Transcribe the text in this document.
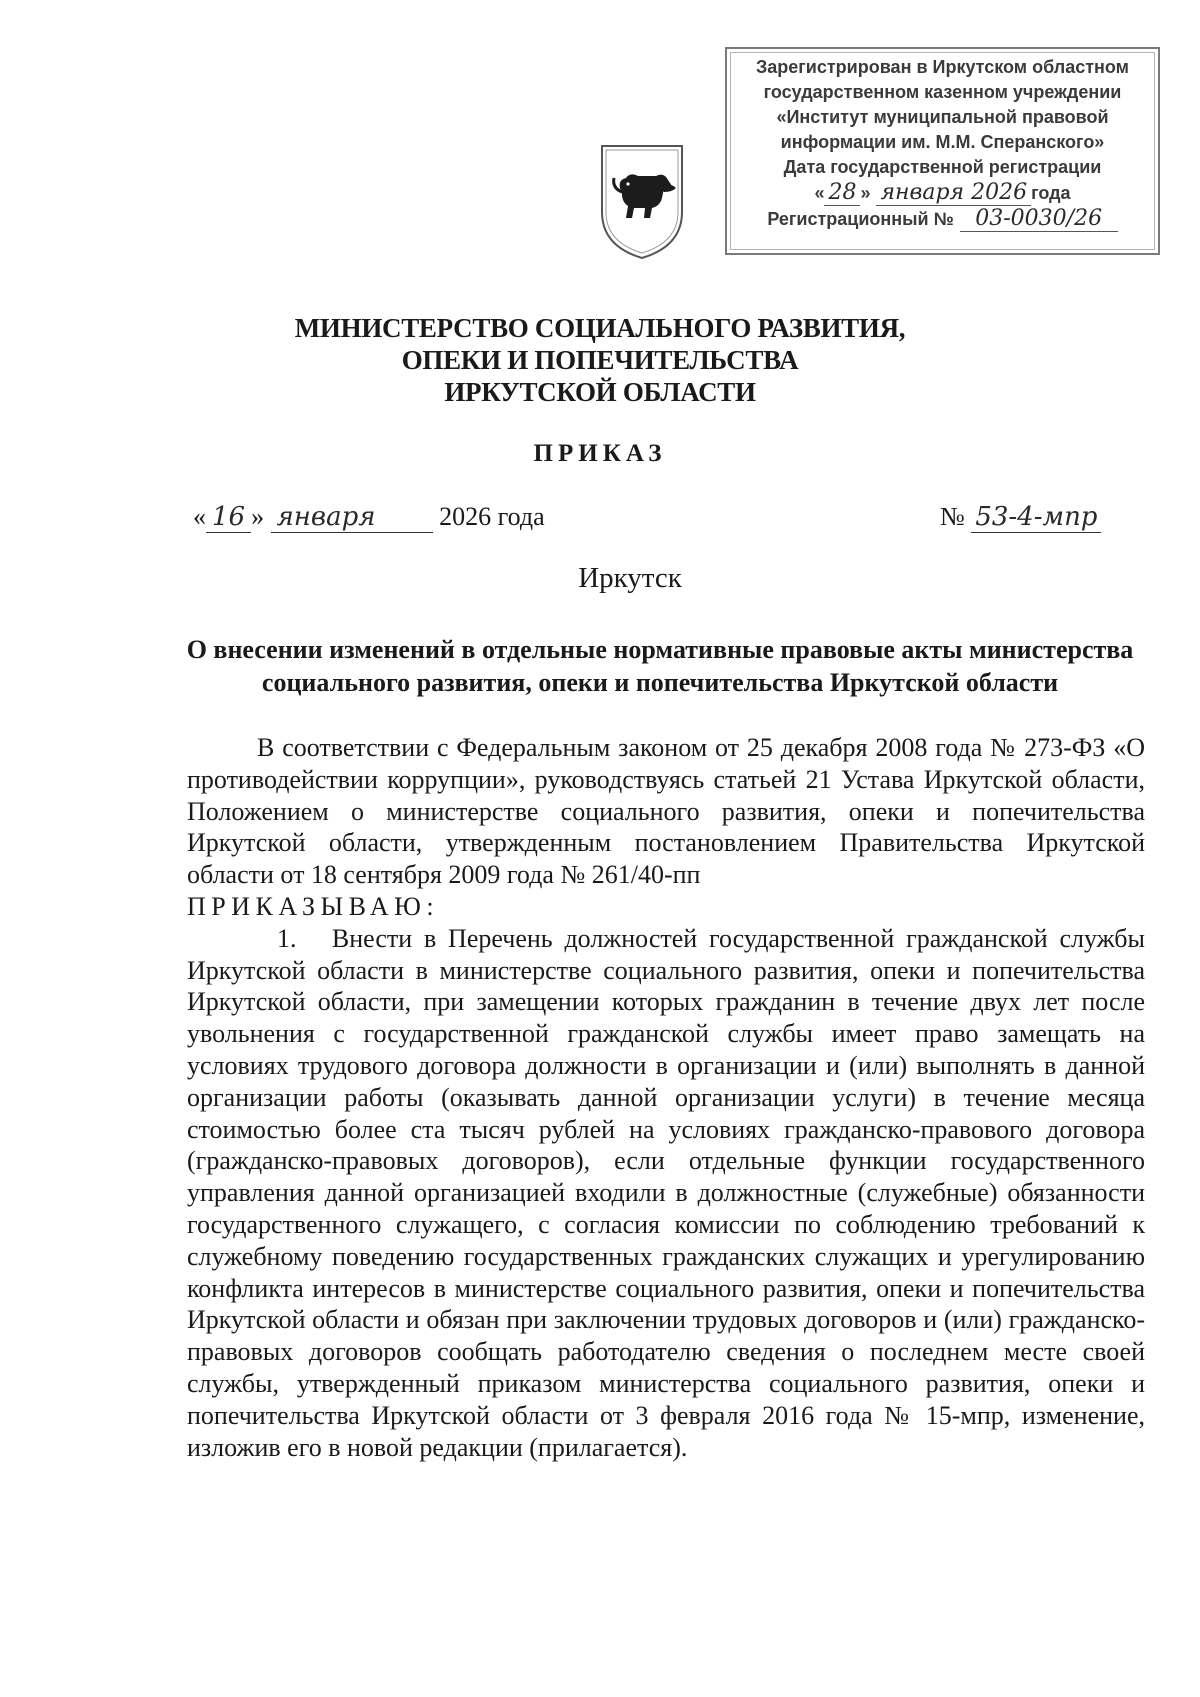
Зарегистрирован в Иркутском областном
государственном казенном учреждении
«Институт муниципальной правовой
информации им. М.М. Сперанского»
Дата государственной регистрации
« 28 » января 2026 года
Регистрационный № 03-0030/26
МИНИСТЕРСТВО СОЦИАЛЬНОГО РАЗВИТИЯ,
ОПЕКИ И ПОПЕЧИТЕЛЬСТВА
ИРКУТСКОЙ ОБЛАСТИ
ПРИКАЗ
« 16 » января 2026 года	№ 53-4-мпр
Иркутск
О внесении изменений в отдельные нормативные правовые акты министерства социального развития, опеки и попечительства Иркутской области

В соответствии с Федеральным законом от 25 декабря 2008 года № 273-ФЗ «О противодействии коррупции», руководствуясь статьей 21 Устава Иркутской области, Положением о министерстве социального развития, опеки и попечительства Иркутской области, утвержденным постановлением Правительства Иркутской области от 18 сентября 2009 года № 261/40-пп

ПРИКАЗЫВАЮ:

1. Внести в Перечень должностей государственной гражданской службы Иркутской области в министерстве социального развития, опеки и попечительства Иркутской области, при замещении которых гражданин в течение двух лет после увольнения с государственной гражданской службы имеет право замещать на условиях трудового договора должности в организации и (или) выполнять в данной организации работы (оказывать данной организации услуги) в течение месяца стоимостью более ста тысяч рублей на условиях гражданско-правового договора (гражданско-правовых договоров), если отдельные функции государственного управления данной организацией входили в должностные (служебные) обязанности государственного служащего, с согласия комиссии по соблюдению требований к служебному поведению государственных гражданских служащих и урегулированию конфликта интересов в министерстве социального развития, опеки и попечительства Иркутской области и обязан при заключении трудовых договоров и (или) гражданско-правовых договоров сообщать работодателю сведения о последнем месте своей службы, утвержденный приказом министерства социального развития, опеки и попечительства Иркутской области от 3 февраля 2016 года № 15-мпр, изменение, изложив его в новой редакции (прилагается).
